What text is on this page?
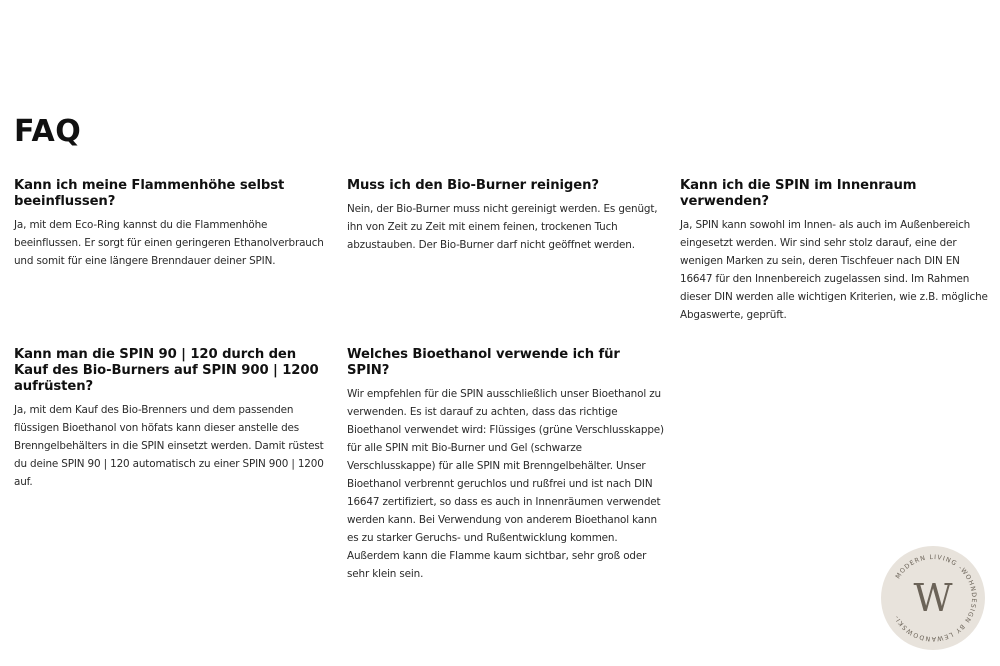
FAQ
Kann ich meine Flammenhöhe selbst beeinflussen?

Ja, mit dem Eco-Ring kannst du die Flammenhöhe beeinflussen. Er sorgt für einen geringeren Ethanolverbrauch und somit für eine längere Brenndauer deiner SPIN.

Muss ich den Bio-Burner reinigen?

Nein, der Bio-Burner muss nicht gereinigt werden. Es genügt, ihn von Zeit zu Zeit mit einem feinen, trockenen Tuch abzustauben. Der Bio-Burner darf nicht geöffnet werden.

Kann ich die SPIN im Innenraum verwenden?

Ja, SPIN kann sowohl im Innen- als auch im Außenbereich eingesetzt werden. Wir sind sehr stolz darauf, eine der wenigen Marken zu sein, deren Tischfeuer nach DIN EN 16647 für den Innenbereich zugelassen sind. Im Rahmen dieser DIN werden alle wichtigen Kriterien, wie z.B. mögliche Abgaswerte, geprüft.

Kann man die SPIN 90 | 120 durch den Kauf des Bio-Burners auf SPIN 900 | 1200 aufrüsten?

Ja, mit dem Kauf des Bio-Brenners und dem passenden flüssigen Bioethanol von höfats kann dieser anstelle des Brenngelbehälters in die SPIN einsetzt werden. Damit rüstest du deine SPIN 90 | 120 automatisch zu einer SPIN 900 | 1200 auf.

Welches Bioethanol verwende ich für SPIN?

Wir empfehlen für die SPIN ausschließlich unser Bioethanol zu verwenden. Es ist darauf zu achten, dass das richtige Bioethanol verwendet wird: Flüssiges (grüne Verschlusskappe) für alle SPIN mit Bio-Burner und Gel (schwarze Verschlusskappe) für alle SPIN mit Brenngelbehälter. Unser Bioethanol verbrennt geruchlos und rußfrei und ist nach DIN 16647 zertifiziert, so dass es auch in Innenräumen verwendet werden kann. Bei Verwendung von anderem Bioethanol kann es zu starker Geruchs- und Rußentwicklung kommen. Außerdem kann die Flamme kaum sichtbar, sehr groß oder sehr klein sein.	MODERN LIVING -WOHNDESIGN BY LEWANDOWSKI- W
